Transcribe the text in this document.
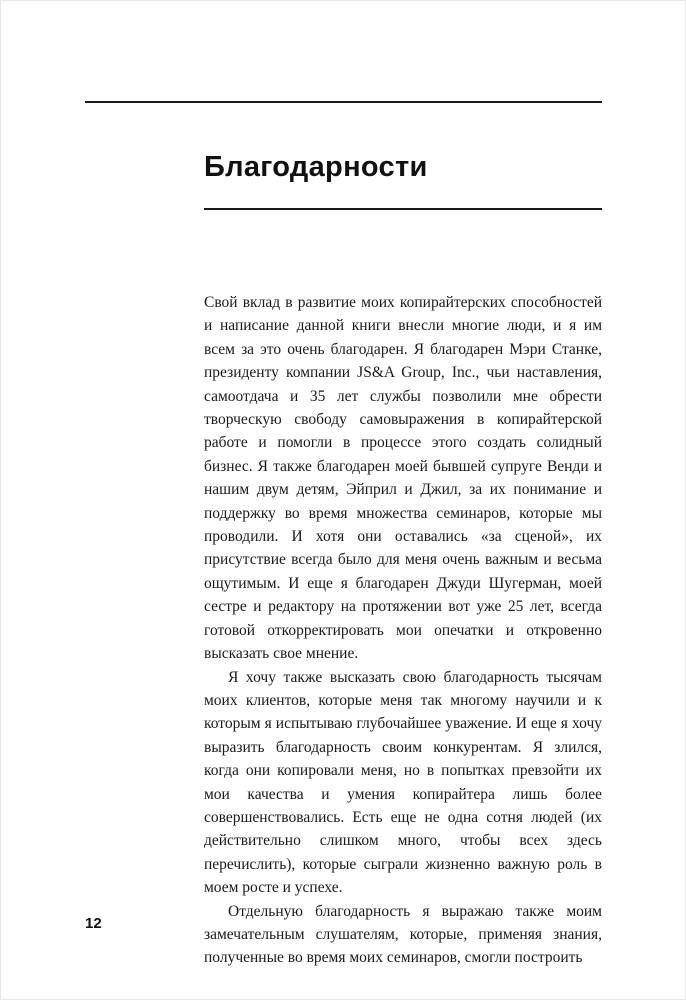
Благодарности

Свой вклад в развитие моих копирайтерских способностей и написание данной книги внесли многие люди, и я им всем за это очень благодарен. Я благодарен Мэри Станке, президенту компании JS&A Group, Inc., чьи наставления, самоотдача и 35 лет службы позволили мне обрести творческую свободу самовыражения в копирайтерской работе и помогли в процессе этого создать солидный бизнес. Я также благодарен моей бывшей супруге Венди и нашим двум детям, Эйприл и Джил, за их понимание и поддержку во время множества семинаров, которые мы проводили. И хотя они оставались «за сценой», их присутствие всегда было для меня очень важным и весьма ощутимым. И еще я благодарен Джуди Шугерман, моей сестре и редактору на протяжении вот уже 25 лет, всегда готовой откорректировать мои опечатки и откровенно высказать свое мнение.

Я хочу также высказать свою благодарность тысячам моих клиентов, которые меня так многому научили и к которым я испытываю глубочайшее уважение. И еще я хочу выразить благодарность своим конкурентам. Я злился, когда они копировали меня, но в попытках превзойти их мои качества и умения копирайтера лишь более совершенствовались. Есть еще не одна сотня людей (их действительно слишком много, чтобы всех здесь перечислить), которые сыграли жизненно важную роль в моем росте и успехе.

Отдельную благодарность я выражаю также моим замечательным слушателям, которые, применяя знания, полученные во время моих семинаров, смогли построить

12
